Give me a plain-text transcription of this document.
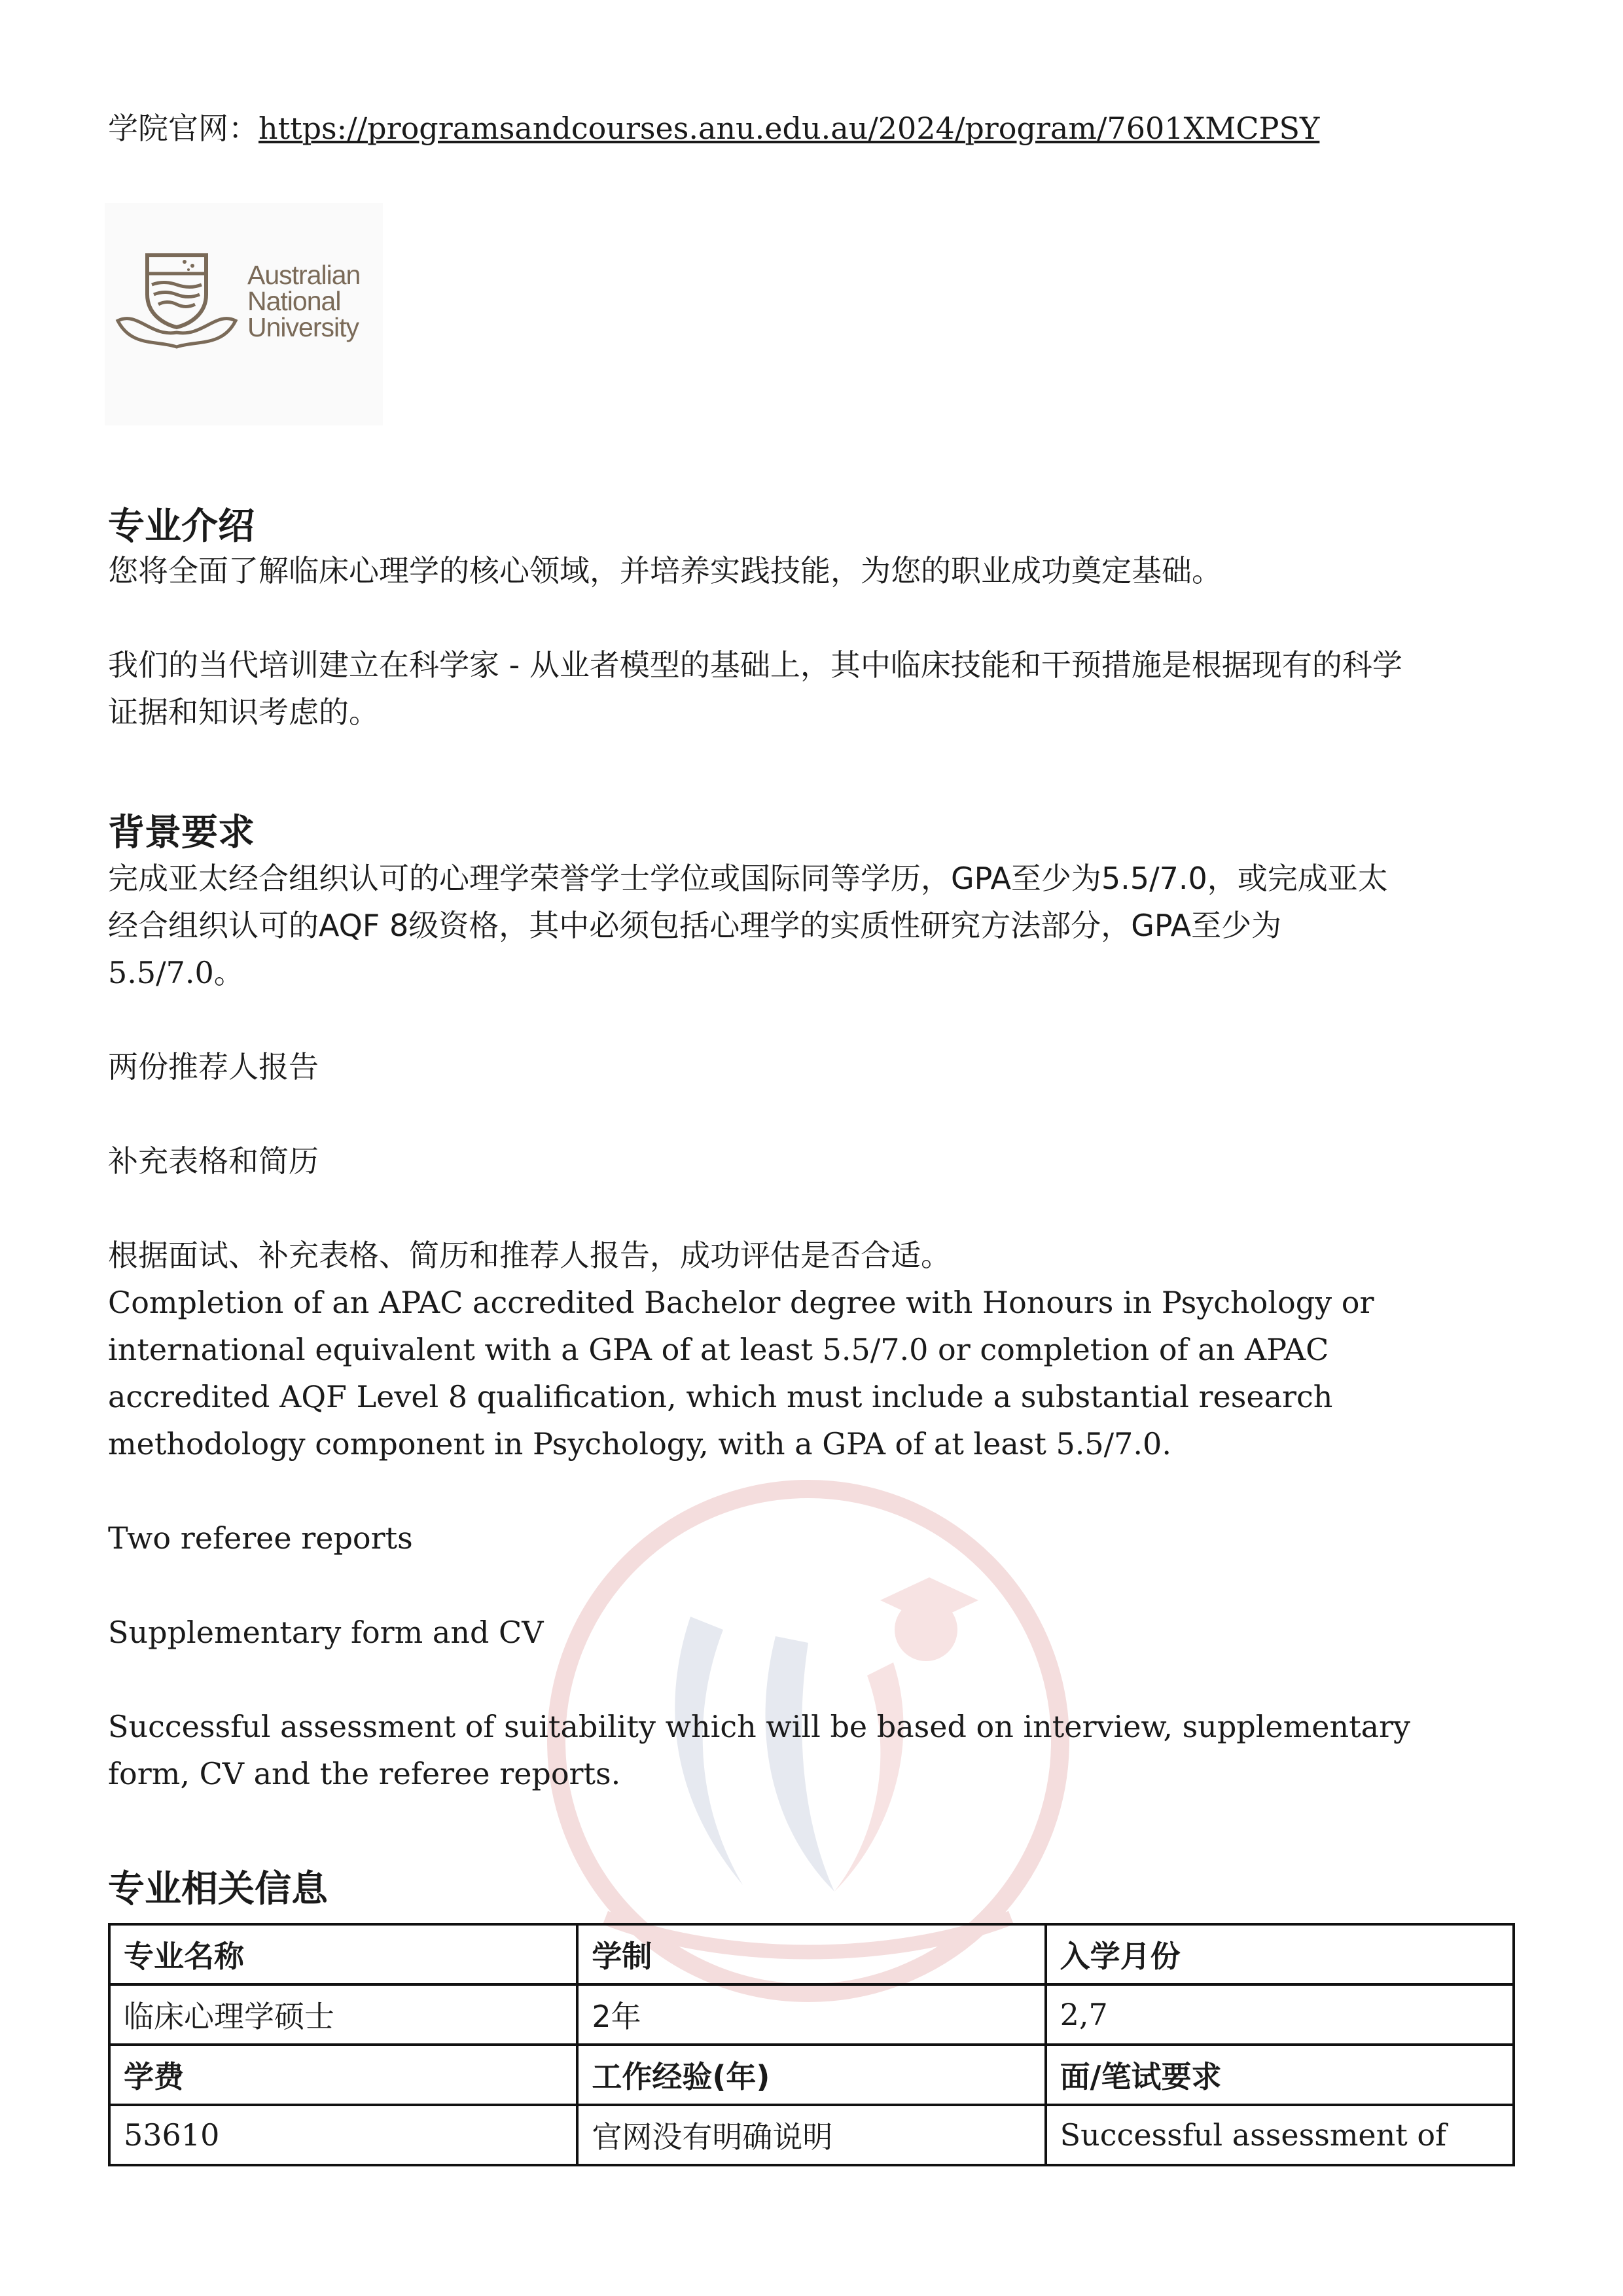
学院官网：https://programsandcourses.anu.edu.au/2024/program/7601XMCPSY
Australian
National
University
专业介绍
您将全面了解临床心理学的核心领域，并培养实践技能，为您的职业成功奠定基础。
我们的当代培训建立在科学家 - 从业者模型的基础上，其中临床技能和干预措施是根据现有的科学
证据和知识考虑的。
背景要求
完成亚太经合组织认可的心理学荣誉学士学位或国际同等学历，GPA至少为5.5/7.0，或完成亚太
经合组织认可的AQF 8级资格，其中必须包括心理学的实质性研究方法部分，GPA至少为
5.5/7.0。
两份推荐人报告
补充表格和简历
根据面试、补充表格、简历和推荐人报告，成功评估是否合适。
Completion of an APAC accredited Bachelor degree with Honours in Psychology or
international equivalent with a GPA of at least 5.5/7.0 or completion of an APAC
accredited AQF Level 8 qualification, which must include a substantial research
methodology component in Psychology, with a GPA of at least 5.5/7.0.
Two referee reports
Supplementary form and CV
Successful assessment of suitability which will be based on interview, supplementary
form, CV and the referee reports.
专业相关信息
专业名称	学制	入学月份
临床心理学硕士	2年	2,7
学费	工作经验(年)	面/笔试要求
53610	官网没有明确说明	Successful assessment of
